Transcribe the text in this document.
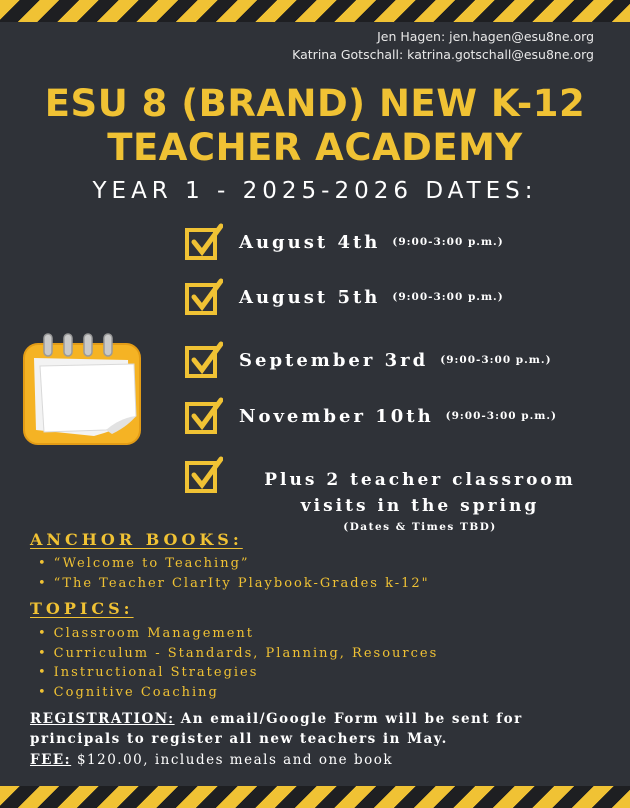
Jen Hagen: jen.hagen@esu8ne.org
Katrina Gotschall: katrina.gotschall@esu8ne.org
ESU 8 (BRAND) NEW K-12
TEACHER ACADEMY
YEAR 1 - 2025-2026 DATES:
August 4th (9:00-3:00 p.m.)
August 5th (9:00-3:00 p.m.)
September 3rd (9:00-3:00 p.m.)
November 10th (9:00-3:00 p.m.)
Plus 2 teacher classroom
visits in the spring
(Dates & Times TBD)
ANCHOR BOOKS:
• “Welcome to Teaching”
• “The Teacher ClarIty Playbook-Grades k-12"
TOPICS:
• Classroom Management
• Curriculum - Standards, Planning, Resources
• Instructional Strategies
• Cognitive Coaching
REGISTRATION: An email/Google Form will be sent for principals to register all new teachers in May.
FEE: $120.00, includes meals and one book
